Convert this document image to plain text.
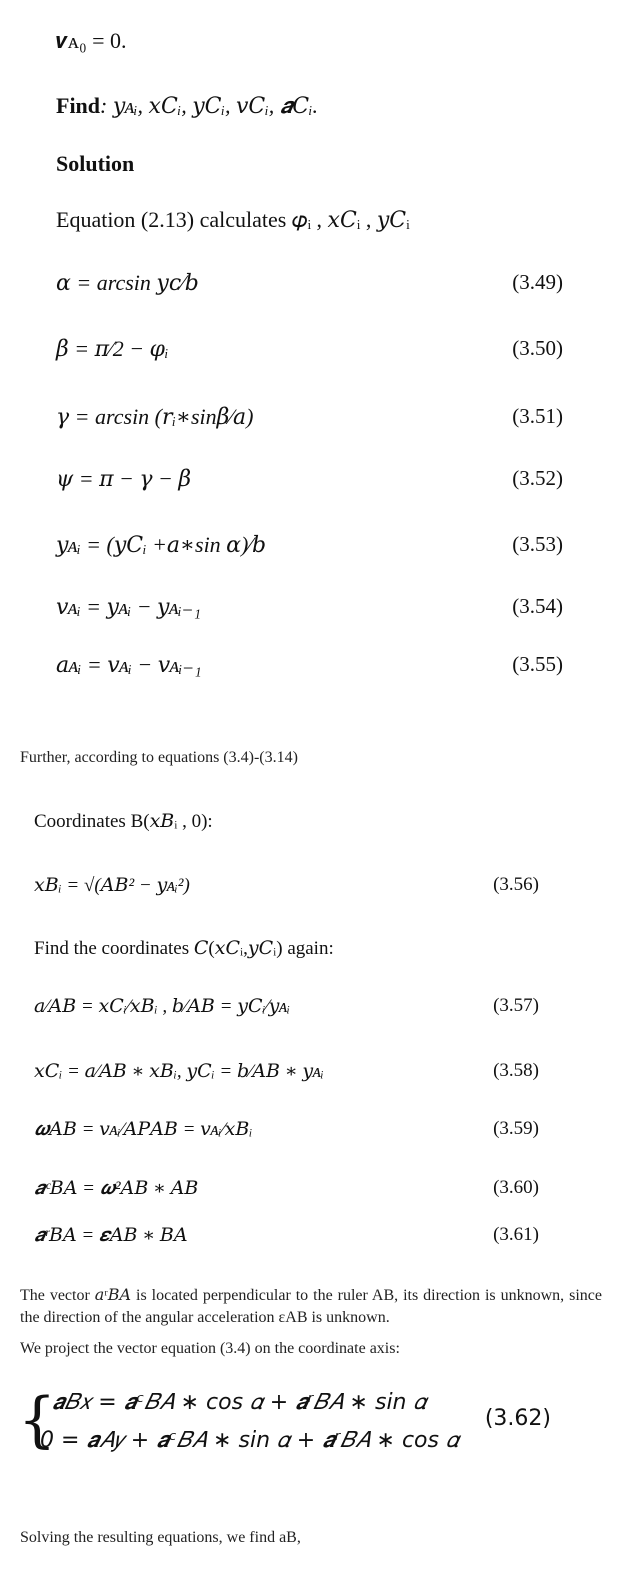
𝒗ᴀ₀ = 0.
Find: 𝑦ᴀᵢ, 𝑥𝐶ᵢ, 𝑦𝐶ᵢ, 𝑣𝐶ᵢ, 𝒂𝐶ᵢ.
Solution
Equation (2.13) calculates 𝜑ᵢ , 𝑥𝐶ᵢ , 𝑦𝐶ᵢ
𝛼 = arcsin 𝑦𝑐⁄𝑏	(3.49)
𝛽 = 𝜋⁄2 − 𝜑ᵢ	(3.50)
𝛾 = arcsin (𝑟ᵢ∗sin𝛽⁄𝑎)	(3.51)
𝜓 = 𝜋 − 𝛾 − 𝛽	(3.52)
𝑦ᴀᵢ = (𝑦𝐶ᵢ +𝑎∗sin 𝛼)⁄𝑏	(3.53)
𝑣ᴀᵢ = 𝑦ᴀᵢ − 𝑦ᴀᵢ₋₁	(3.54)
𝑎ᴀᵢ = 𝑣ᴀᵢ − 𝑣ᴀᵢ₋₁	(3.55)
Further, according to equations (3.4)-(3.14)
Coordinates B(𝑥𝐵ᵢ , 0):
𝑥𝐵ᵢ = √(𝐴𝐵² − 𝑦ᴀᵢ²)	(3.56)
Find the coordinates 𝐶(𝑥𝐶ᵢ,𝑦𝐶ᵢ) again:
𝑎⁄𝐴𝐵 = 𝑥𝐶ᵢ⁄𝑥𝐵ᵢ , 𝑏⁄𝐴𝐵 = 𝑦𝐶ᵢ⁄𝑦ᴀᵢ	(3.57)
𝑥𝐶ᵢ = 𝑎⁄𝐴𝐵 ∗ 𝑥𝐵ᵢ, 𝑦𝐶ᵢ = 𝑏⁄𝐴𝐵 ∗ 𝑦ᴀᵢ	(3.58)
𝝎𝐴𝐵 = 𝑣ᴀᵢ⁄𝐴𝑃𝐴𝐵 = 𝑣ᴀᵢ⁄𝑥𝐵ᵢ	(3.59)
𝒂ᶜ𝐵𝐴 = 𝝎²𝐴𝐵 ∗ 𝐴𝐵	(3.60)
𝒂ʳ𝐵𝐴 = 𝜺𝐴𝐵 ∗ 𝐵𝐴	(3.61)
The vector 𝑎ʳ𝐵𝐴 is located perpendicular to the ruler AB, its direction is unknown, since the direction of the angular acceleration εAB is unknown.
We project the vector equation (3.4) on the coordinate axis:
{
𝒂𝐵𝑥 = 𝒂ᶜ𝐵𝐴 ∗ cos 𝛼 + 𝒂ʳ𝐵𝐴 ∗ sin 𝛼
0 = 𝒂𝐴𝑦 + 𝒂ᶜ𝐵𝐴 ∗ sin 𝛼 + 𝒂ʳ𝐵𝐴 ∗ cos 𝛼
(3.62)
Solving the resulting equations, we find aB,
